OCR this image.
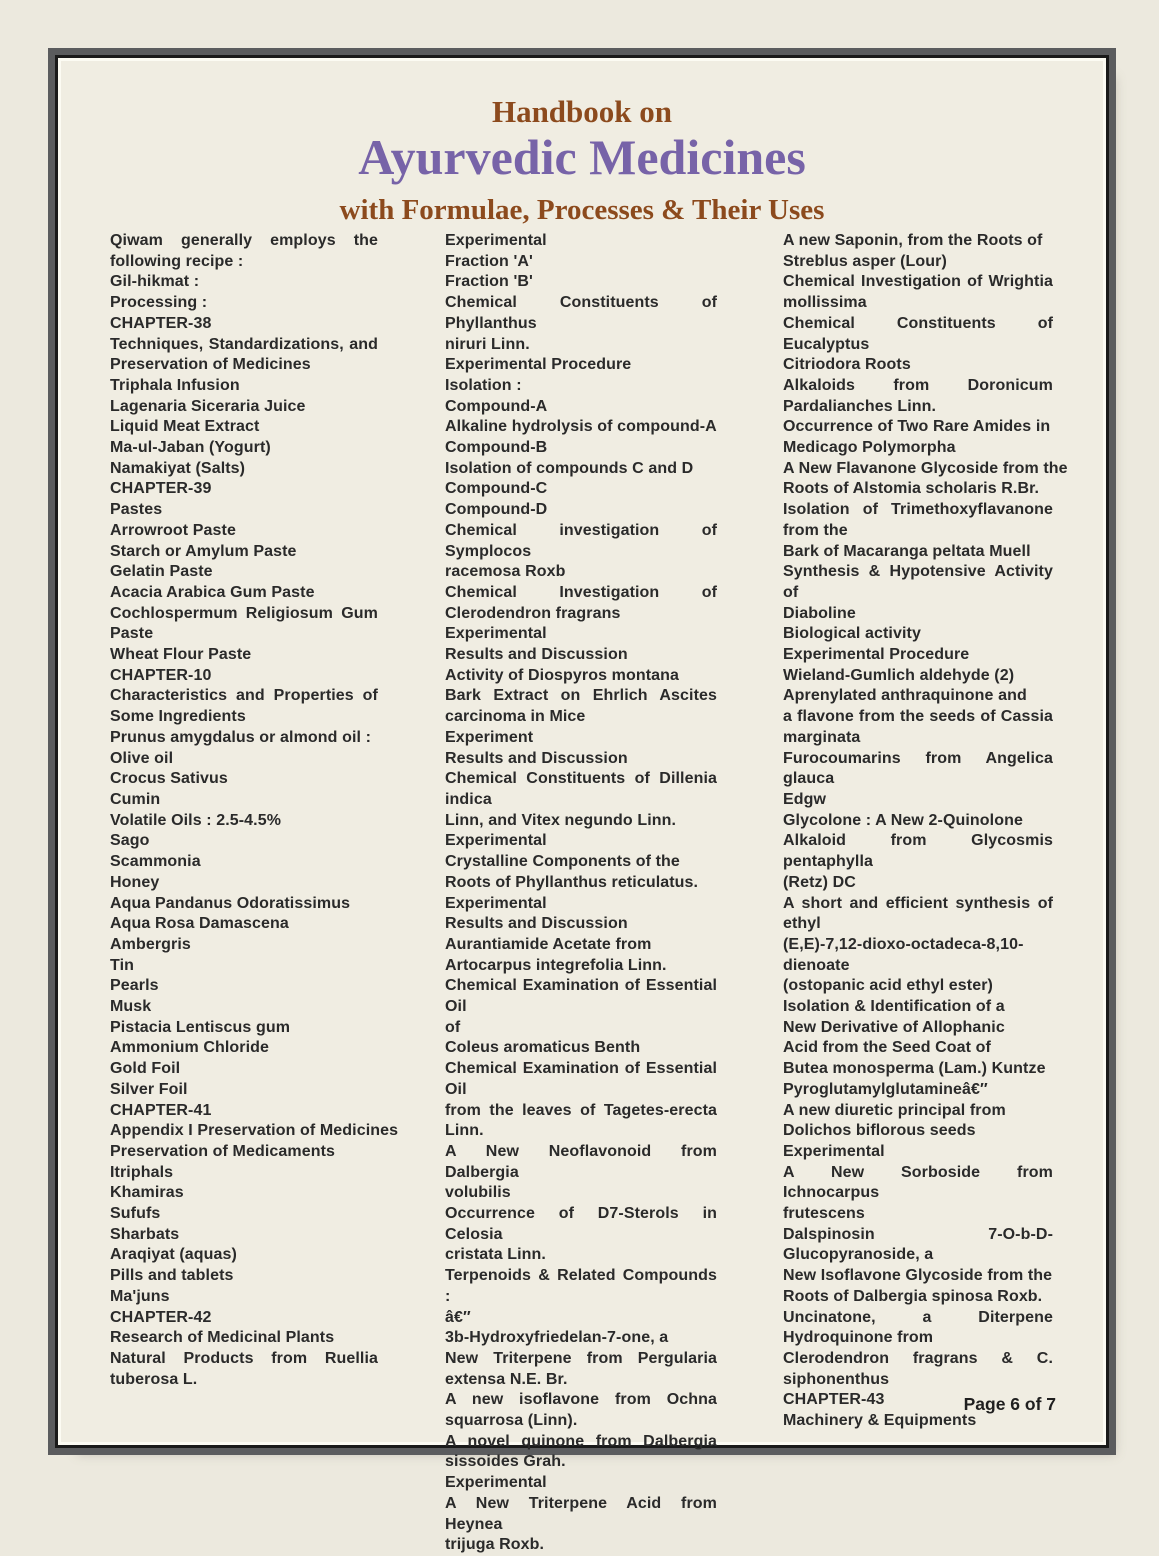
Handbook on
Ayurvedic Medicines
with Formulae, Processes & Their Uses
Qiwam generally employs the
following recipe :
Gil-hikmat :
Processing :
CHAPTER-38
Techniques, Standardizations, and
Preservation of Medicines
Triphala Infusion
Lagenaria Siceraria Juice
Liquid Meat Extract
Ma-ul-Jaban (Yogurt)
Namakiyat (Salts)
CHAPTER-39
Pastes
Arrowroot Paste
Starch or Amylum Paste
Gelatin Paste
Acacia Arabica Gum Paste
Cochlospermum Religiosum Gum
Paste
Wheat Flour Paste
CHAPTER-10
Characteristics and Properties of
Some Ingredients
Prunus amygdalus or almond oil :
Olive oil
Crocus Sativus
Cumin
Volatile Oils : 2.5-4.5%
Sago
Scammonia
Honey
Aqua Pandanus Odoratissimus
Aqua Rosa Damascena
Ambergris
Tin
Pearls
Musk
Pistacia Lentiscus gum
Ammonium Chloride
Gold Foil
Silver Foil
CHAPTER-41
Appendix I Preservation of Medicines
Preservation of Medicaments
Itriphals
Khamiras
Sufufs
Sharbats
Araqiyat (aquas)
Pills and tablets
Ma'juns
CHAPTER-42
Research of Medicinal Plants
Natural Products from Ruellia
tuberosa L.
Experimental
Fraction 'A'
Fraction 'B'
Chemical Constituents of Phyllanthus
niruri Linn.
Experimental Procedure
Isolation :
Compound-A
Alkaline hydrolysis of compound-A
Compound-B
Isolation of compounds C and D
Compound-C
Compound-D
Chemical investigation of Symplocos
racemosa Roxb
Chemical Investigation of
Clerodendron fragrans
Experimental
Results and Discussion
Activity of Diospyros montana
Bark Extract on Ehrlich Ascites
carcinoma in Mice
Experiment
Results and Discussion
Chemical Constituents of Dillenia
indica
Linn, and Vitex negundo Linn.
Experimental
Crystalline Components of the
Roots of Phyllanthus reticulatus.
Experimental
Results and Discussion
Aurantiamide Acetate from
Artocarpus integrefolia Linn.
Chemical Examination of Essential Oil
of
Coleus aromaticus Benth
Chemical Examination of Essential Oil
from the leaves of Tagetes-erecta
Linn.
A New Neoflavonoid from Dalbergia
volubilis
Occurrence of D7-Sterols in Celosia
cristata Linn.
Terpenoids & Related Compounds :
â€″
3b-Hydroxyfriedelan-7-one, a
New Triterpene from Pergularia
extensa N.E. Br.
A new isoflavone from Ochna
squarrosa (Linn).
A novel quinone from Dalbergia
sissoides Grah.
Experimental
A New Triterpene Acid from Heynea
trijuga Roxb.
A new Saponin, from the Roots of
Streblus asper (Lour)
Chemical Investigation of Wrightia
mollissima
Chemical Constituents of Eucalyptus
Citriodora Roots
Alkaloids from Doronicum
Pardalianches Linn.
Occurrence of Two Rare Amides in
Medicago Polymorpha
A New Flavanone Glycoside from the
Roots of Alstomia scholaris R.Br.
Isolation of Trimethoxyflavanone
from the
Bark of Macaranga peltata Muell
Synthesis & Hypotensive Activity of
Diaboline
Biological activity
Experimental Procedure
Wieland-Gumlich aldehyde (2)
Aprenylated anthraquinone and
a flavone from the seeds of Cassia
marginata
Furocoumarins from Angelica glauca
Edgw
Glycolone : A New 2-Quinolone
Alkaloid from Glycosmis pentaphylla
(Retz) DC
A short and efficient synthesis of
ethyl
(E,E)-7,12-dioxo-octadeca-8,10-
dienoate
(ostopanic acid ethyl ester)
Isolation & Identification of a
New Derivative of Allophanic
Acid from the Seed Coat of
Butea monosperma (Lam.) Kuntze
Pyroglutamylglutamineâ€″
A new diuretic principal from
Dolichos biflorous seeds
Experimental
A New Sorboside from Ichnocarpus
frutescens
Dalspinosin 7-O-b-D-
Glucopyranoside, a
New Isoflavone Glycoside from the
Roots of Dalbergia spinosa Roxb.
Uncinatone, a Diterpene
Hydroquinone from
Clerodendron fragrans & C.
siphonenthus
CHAPTER-43
Machinery & Equipments
Page 6 of 7
